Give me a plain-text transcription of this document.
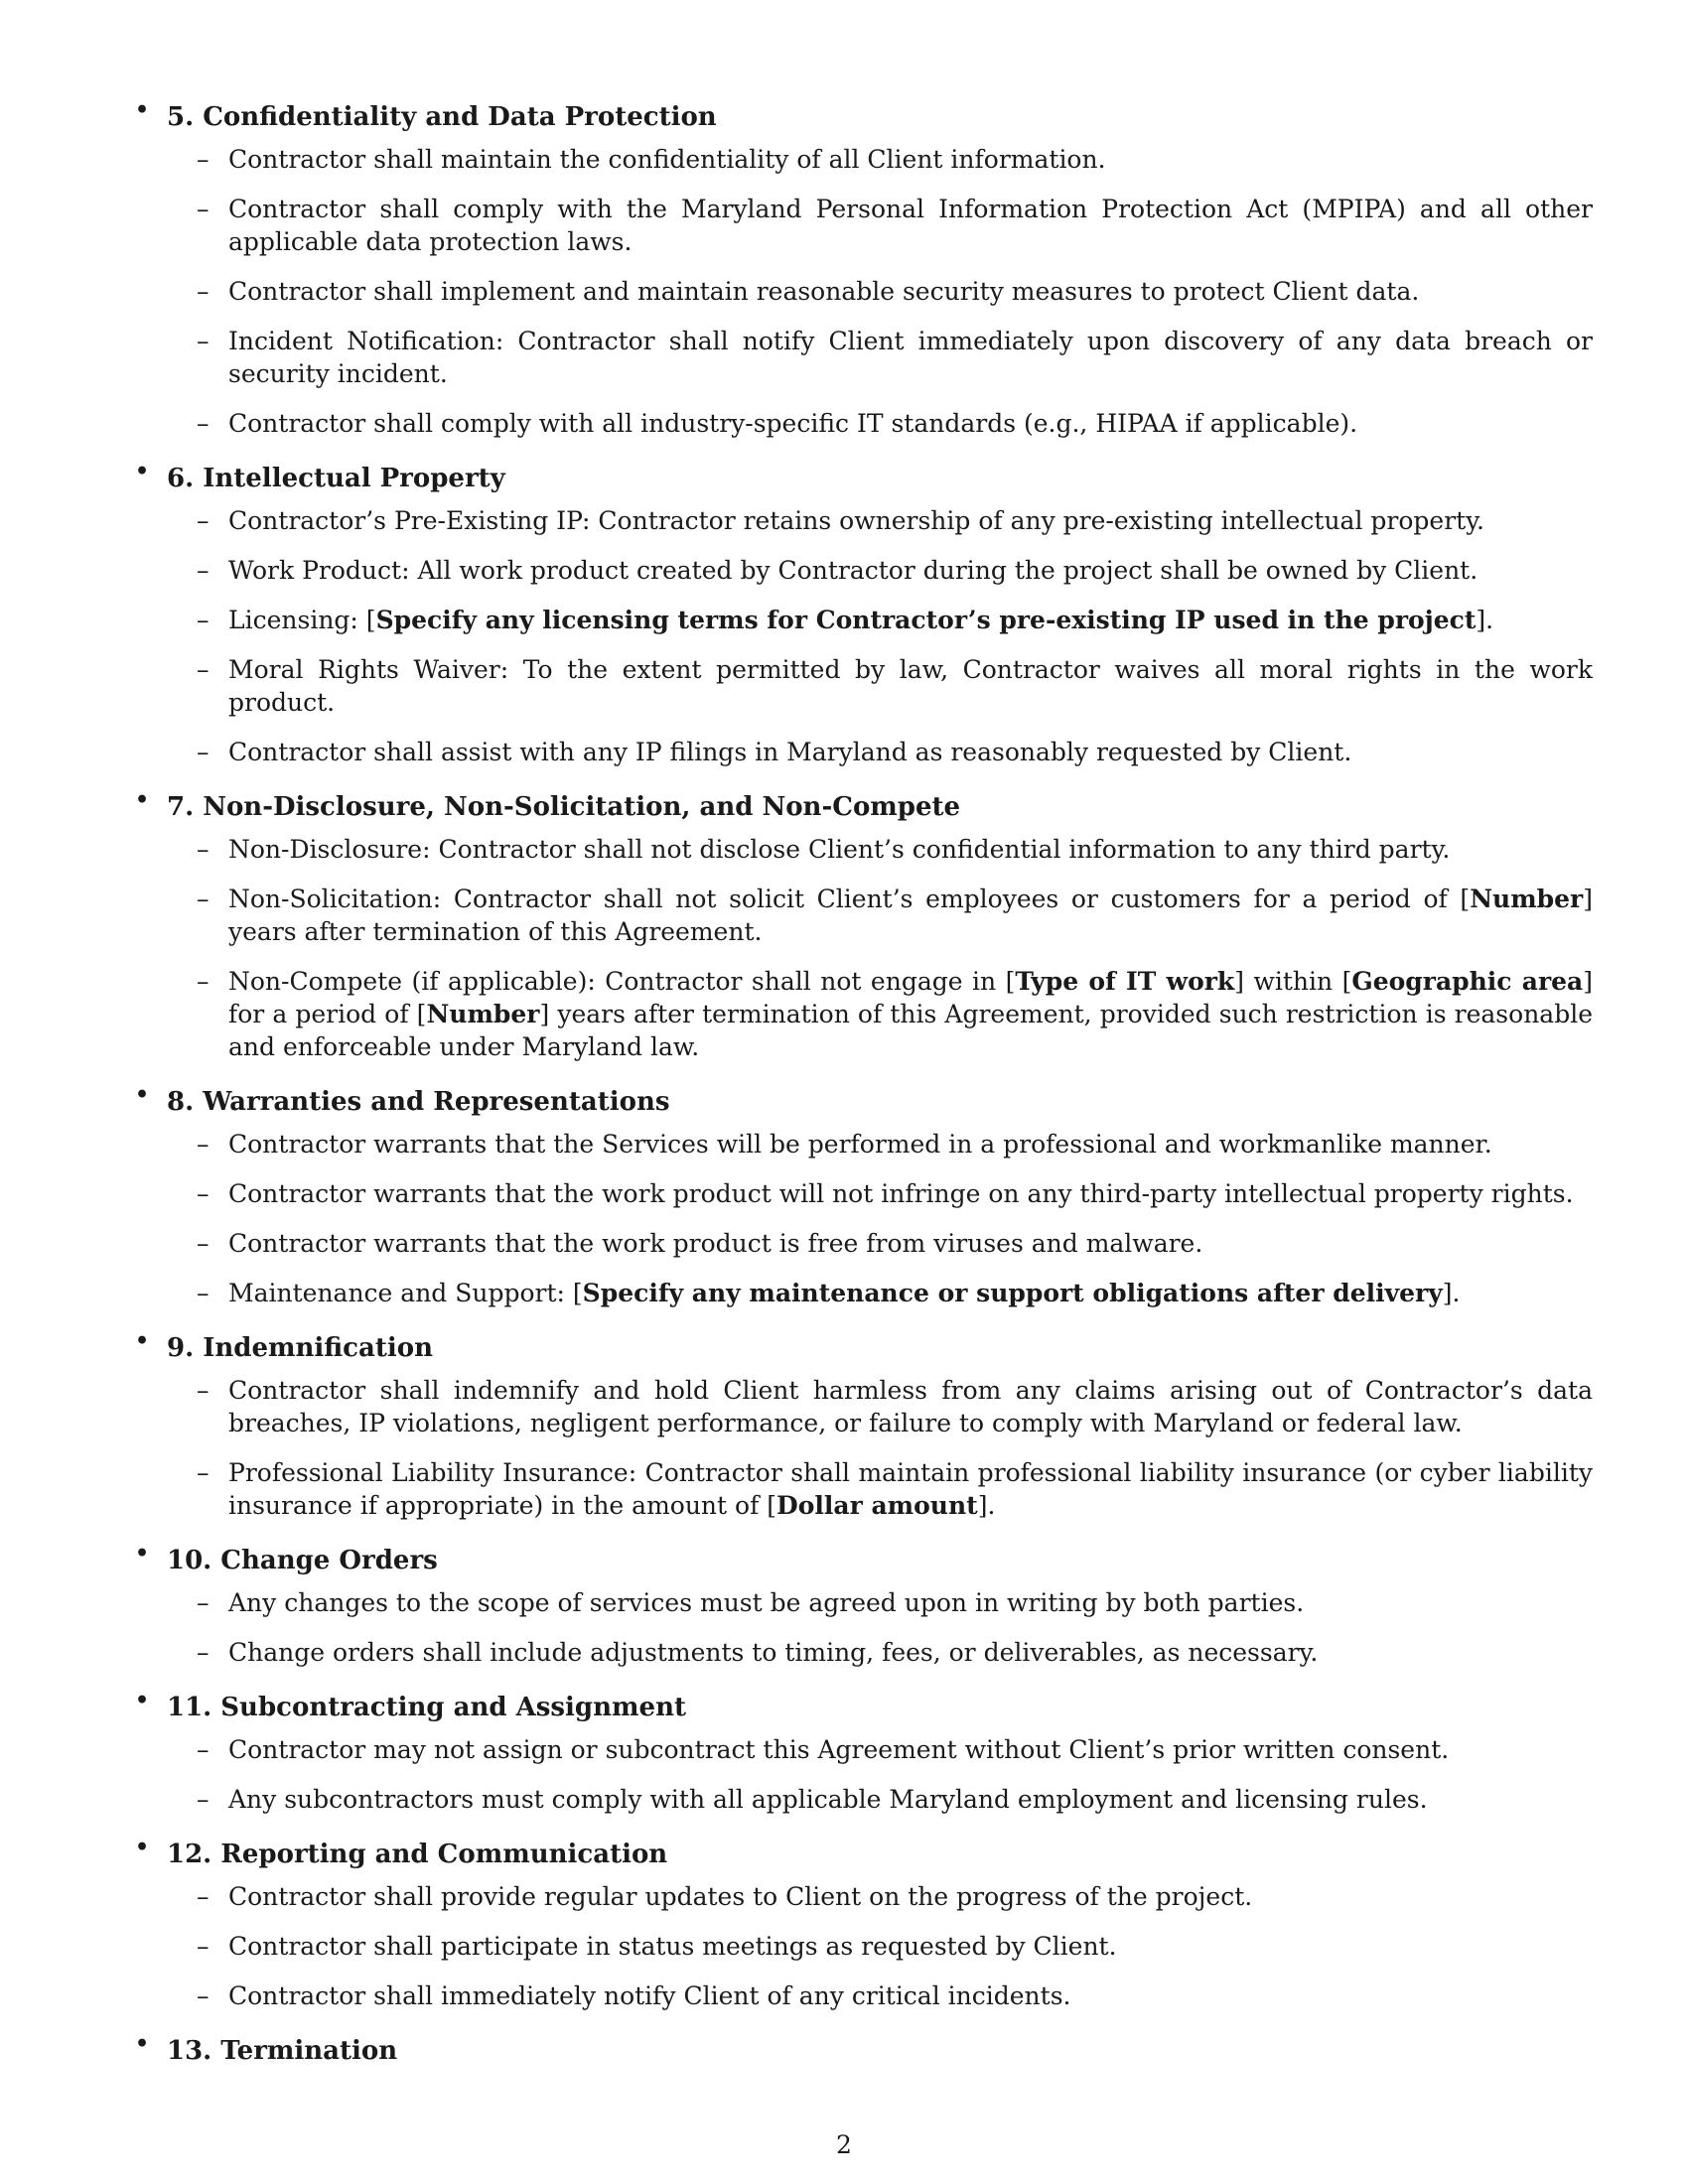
• 5. Confidentiality and Data Protection
– Contractor shall maintain the confidentiality of all Client information.
– Contractor shall comply with the Maryland Personal Information Protection Act (MPIPA) and all other applicable data protection laws.
– Contractor shall implement and maintain reasonable security measures to protect Client data.
– Incident Notification: Contractor shall notify Client immediately upon discovery of any data breach or security incident.
– Contractor shall comply with all industry-specific IT standards (e.g., HIPAA if applicable).
• 6. Intellectual Property
– Contractor’s Pre-Existing IP: Contractor retains ownership of any pre-existing intellectual property.
– Work Product: All work product created by Contractor during the project shall be owned by Client.
– Licensing: [Specify any licensing terms for Contractor’s pre-existing IP used in the project].
– Moral Rights Waiver: To the extent permitted by law, Contractor waives all moral rights in the work product.
– Contractor shall assist with any IP filings in Maryland as reasonably requested by Client.
• 7. Non-Disclosure, Non-Solicitation, and Non-Compete
– Non-Disclosure: Contractor shall not disclose Client’s confidential information to any third party.
– Non-Solicitation: Contractor shall not solicit Client’s employees or customers for a period of [Number] years after termination of this Agreement.
– Non-Compete (if applicable): Contractor shall not engage in [Type of IT work] within [Geographic area] for a period of [Number] years after termination of this Agreement, provided such restriction is reasonable and enforceable under Maryland law.
• 8. Warranties and Representations
– Contractor warrants that the Services will be performed in a professional and workmanlike manner.
– Contractor warrants that the work product will not infringe on any third-party intellectual property rights.
– Contractor warrants that the work product is free from viruses and malware.
– Maintenance and Support: [Specify any maintenance or support obligations after delivery].
• 9. Indemnification
– Contractor shall indemnify and hold Client harmless from any claims arising out of Contractor’s data breaches, IP violations, negligent performance, or failure to comply with Maryland or federal law.
– Professional Liability Insurance: Contractor shall maintain professional liability insurance (or cyber liability insurance if appropriate) in the amount of [Dollar amount].
• 10. Change Orders
– Any changes to the scope of services must be agreed upon in writing by both parties.
– Change orders shall include adjustments to timing, fees, or deliverables, as necessary.
• 11. Subcontracting and Assignment
– Contractor may not assign or subcontract this Agreement without Client’s prior written consent.
– Any subcontractors must comply with all applicable Maryland employment and licensing rules.
• 12. Reporting and Communication
– Contractor shall provide regular updates to Client on the progress of the project.
– Contractor shall participate in status meetings as requested by Client.
– Contractor shall immediately notify Client of any critical incidents.
• 13. Termination
2
